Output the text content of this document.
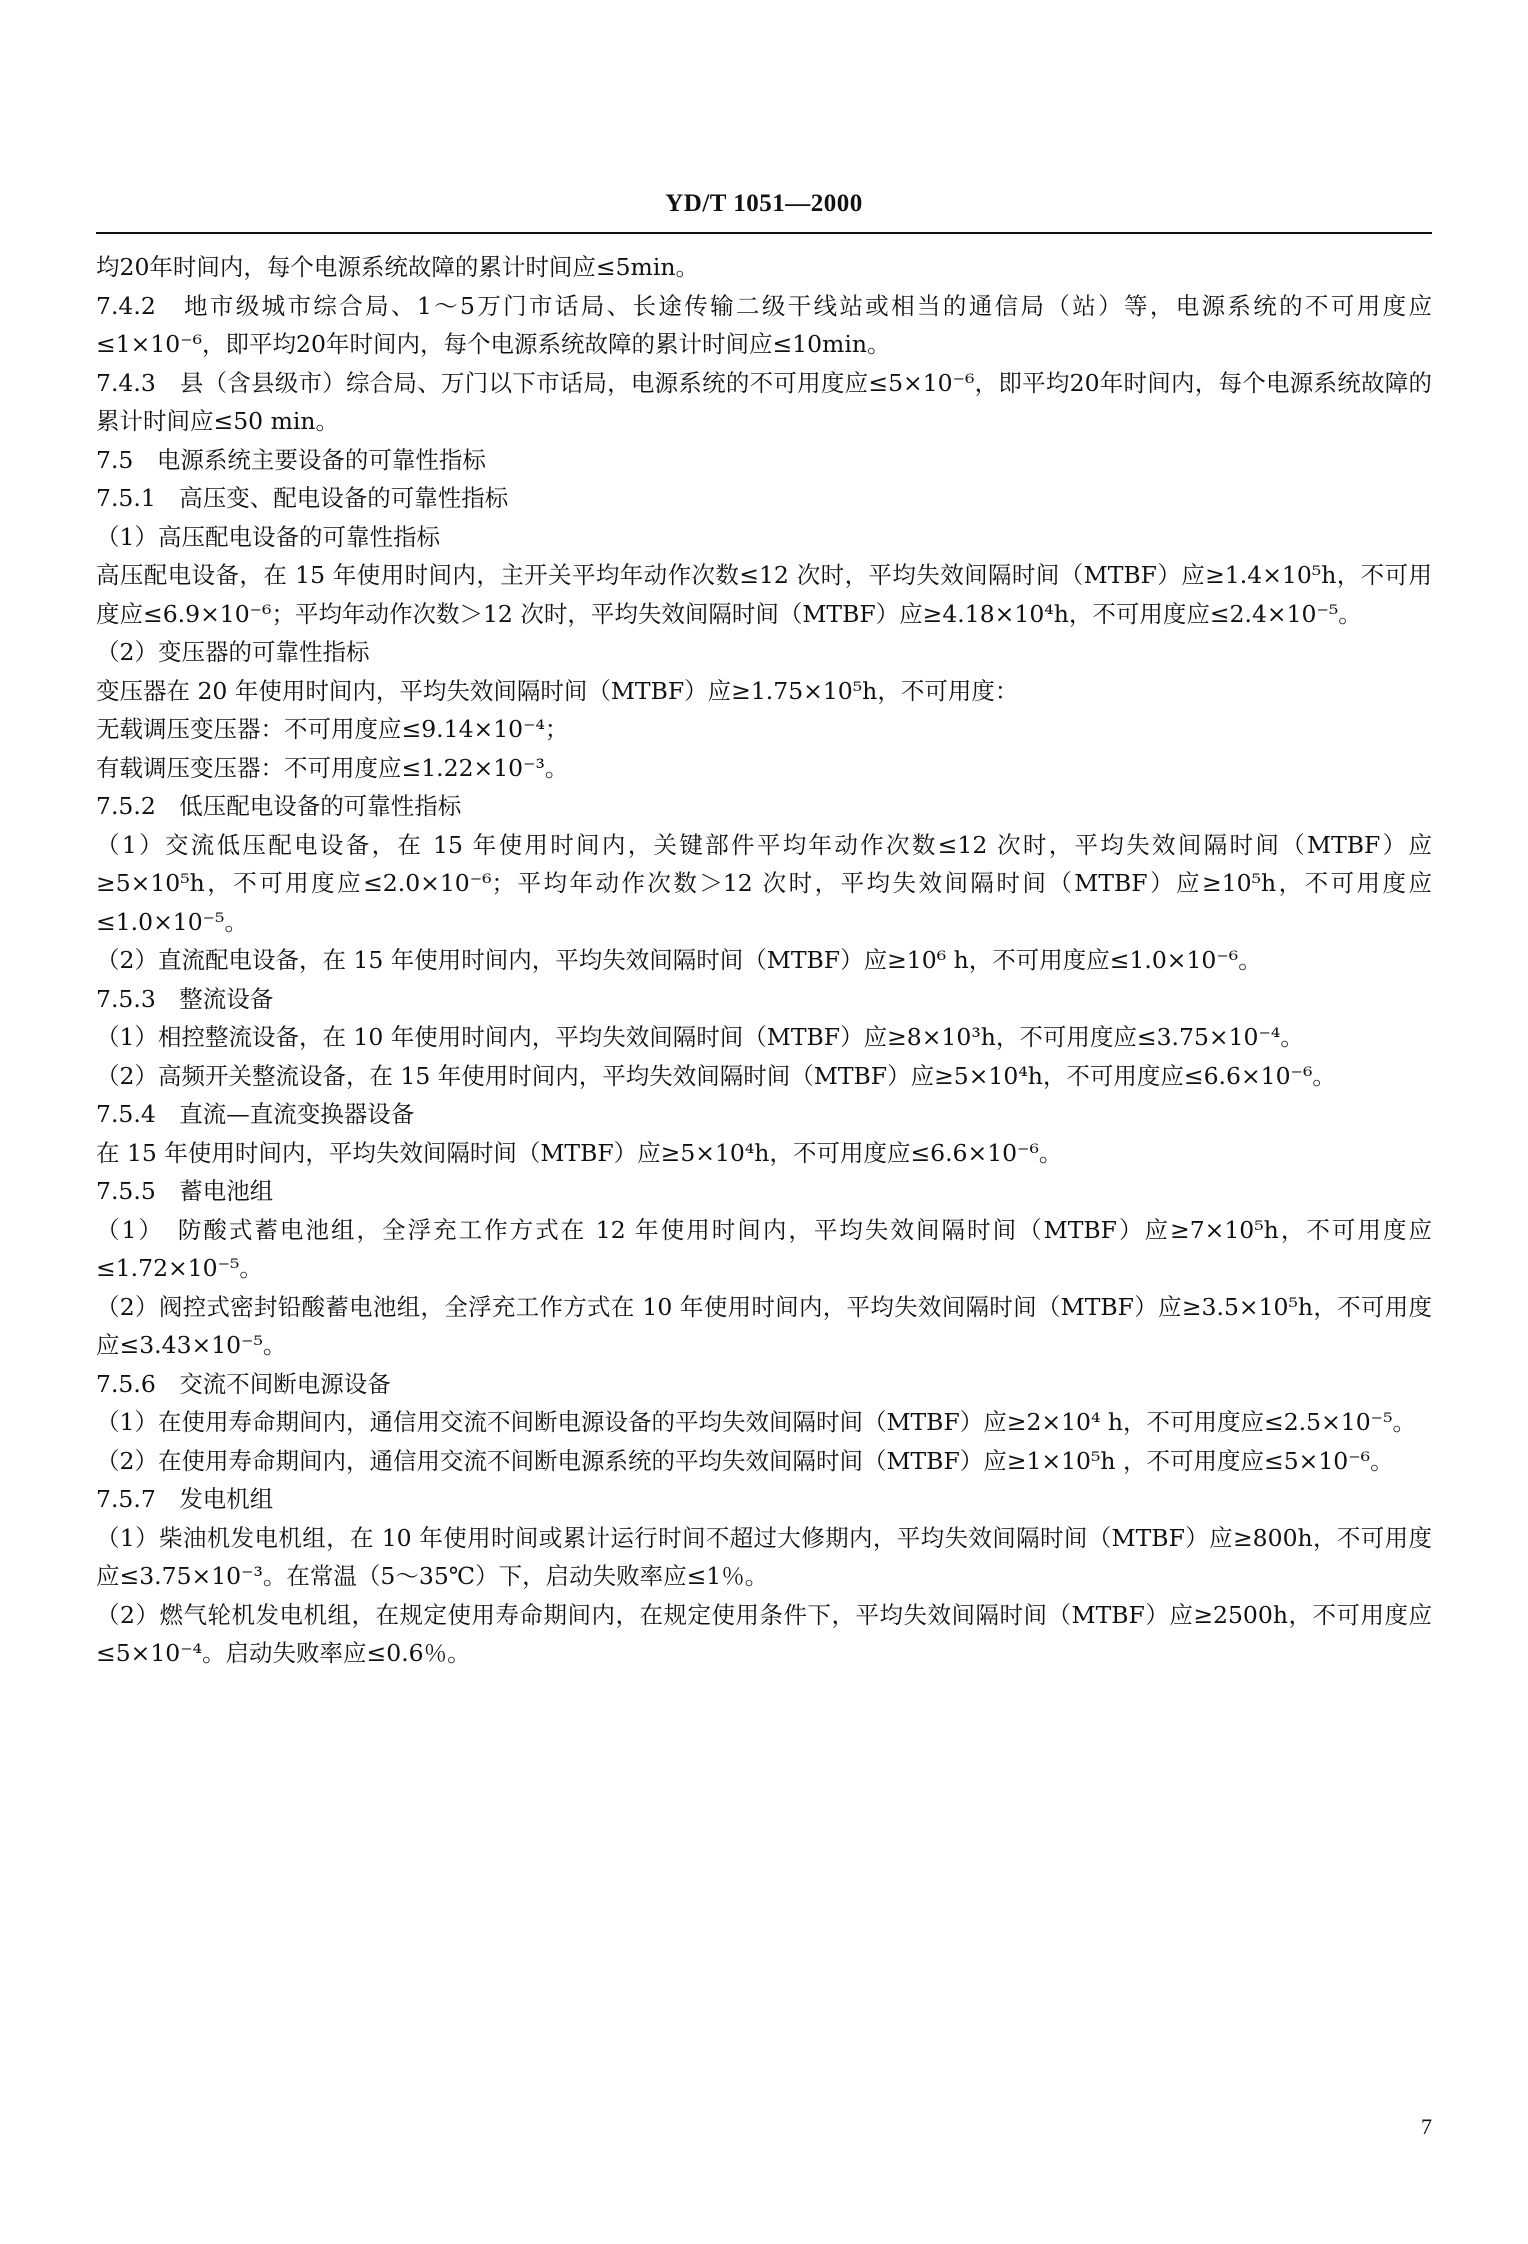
YD/T 1051—2000

均20年时间内，每个电源系统故障的累计时间应≤5min。

7.4.2　地市级城市综合局、1～5万门市话局、长途传输二级干线站或相当的通信局（站）等，电源系统的不可用度应≤1×10⁻⁶，即平均20年时间内，每个电源系统故障的累计时间应≤10min。

7.4.3　县（含县级市）综合局、万门以下市话局，电源系统的不可用度应≤5×10⁻⁶，即平均20年时间内，每个电源系统故障的累计时间应≤50 min。

7.5　电源系统主要设备的可靠性指标

7.5.1　高压变、配电设备的可靠性指标

（1）高压配电设备的可靠性指标

高压配电设备，在 15 年使用时间内，主开关平均年动作次数≤12 次时，平均失效间隔时间（MTBF）应≥1.4×10⁵h，不可用度应≤6.9×10⁻⁶；平均年动作次数＞12 次时，平均失效间隔时间（MTBF）应≥4.18×10⁴h，不可用度应≤2.4×10⁻⁵。

（2）变压器的可靠性指标

变压器在 20 年使用时间内，平均失效间隔时间（MTBF）应≥1.75×10⁵h，不可用度：

无载调压变压器：不可用度应≤9.14×10⁻⁴；

有载调压变压器：不可用度应≤1.22×10⁻³。

7.5.2　低压配电设备的可靠性指标

（1）交流低压配电设备，在 15 年使用时间内，关键部件平均年动作次数≤12 次时，平均失效间隔时间（MTBF）应≥5×10⁵h，不可用度应≤2.0×10⁻⁶；平均年动作次数＞12 次时，平均失效间隔时间（MTBF）应≥10⁵h，不可用度应≤1.0×10⁻⁵。

（2）直流配电设备，在 15 年使用时间内，平均失效间隔时间（MTBF）应≥10⁶ h，不可用度应≤1.0×10⁻⁶。

7.5.3　整流设备

（1）相控整流设备，在 10 年使用时间内，平均失效间隔时间（MTBF）应≥8×10³h，不可用度应≤3.75×10⁻⁴。

（2）高频开关整流设备，在 15 年使用时间内，平均失效间隔时间（MTBF）应≥5×10⁴h，不可用度应≤6.6×10⁻⁶。

7.5.4　直流—直流变换器设备

在 15 年使用时间内，平均失效间隔时间（MTBF）应≥5×10⁴h，不可用度应≤6.6×10⁻⁶。

7.5.5　蓄电池组

（1）　防酸式蓄电池组，全浮充工作方式在 12 年使用时间内，平均失效间隔时间（MTBF）应≥7×10⁵h，不可用度应≤1.72×10⁻⁵。

（2）阀控式密封铅酸蓄电池组，全浮充工作方式在 10 年使用时间内，平均失效间隔时间（MTBF）应≥3.5×10⁵h，不可用度应≤3.43×10⁻⁵。

7.5.6　交流不间断电源设备

（1）在使用寿命期间内，通信用交流不间断电源设备的平均失效间隔时间（MTBF）应≥2×10⁴ h，不可用度应≤2.5×10⁻⁵。

（2）在使用寿命期间内，通信用交流不间断电源系统的平均失效间隔时间（MTBF）应≥1×10⁵h ，不可用度应≤5×10⁻⁶。

7.5.7　发电机组

（1）柴油机发电机组，在 10 年使用时间或累计运行时间不超过大修期内，平均失效间隔时间（MTBF）应≥800h，不可用度应≤3.75×10⁻³。在常温（5～35℃）下，启动失败率应≤1％。

（2）燃气轮机发电机组，在规定使用寿命期间内，在规定使用条件下，平均失效间隔时间（MTBF）应≥2500h，不可用度应≤5×10⁻⁴。启动失败率应≤0.6％。

7
